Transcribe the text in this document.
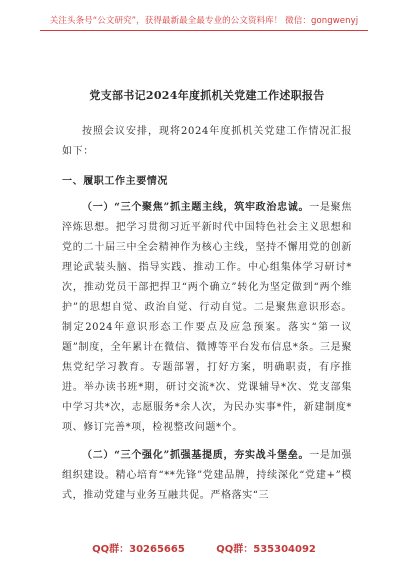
关注头条号“公文研究”，获得最新最全最专业的公文资料库！ 微信：gongwenyj
党支部书记2024年度抓机关党建工作述职报告

按照会议安排，现将2024年度抓机关党建工作情况汇报如下：

一、履职工作主要情况

（一）“三个聚焦”抓主题主线，筑牢政治忠诚。一是聚焦淬炼思想。把学习贯彻习近平新时代中国特色社会主义思想和党的二十届三中全会精神作为核心主线，坚持不懈用党的创新理论武装头脑、指导实践、推动工作。中心组集体学习研讨*次，推动党员干部把捍卫“两个确立”转化为坚定做到“两个维护”的思想自觉、政治自觉、行动自觉。二是聚焦意识形态。制定2024年意识形态工作要点及应急预案。落实“第一议题”制度，全年累计在微信、微博等平台发布信息*条。三是聚焦党纪学习教育。专题部署，打好方案，明确职责，有序推进。举办读书班*期，研讨交流*次、党课辅导*次、党支部集中学习共*次，志愿服务*余人次，为民办实事*件，新建制度*项、修订完善*项，检视整改问题*个。

（二）“三个强化”抓强基提质，夯实战斗堡垒。一是加强组织建设。精心培育“**先锋”党建品牌，持续深化“党建+”模式，推动党建与业务互融共促。严格落实“三

QQ群：30265665	QQ群：535304092
